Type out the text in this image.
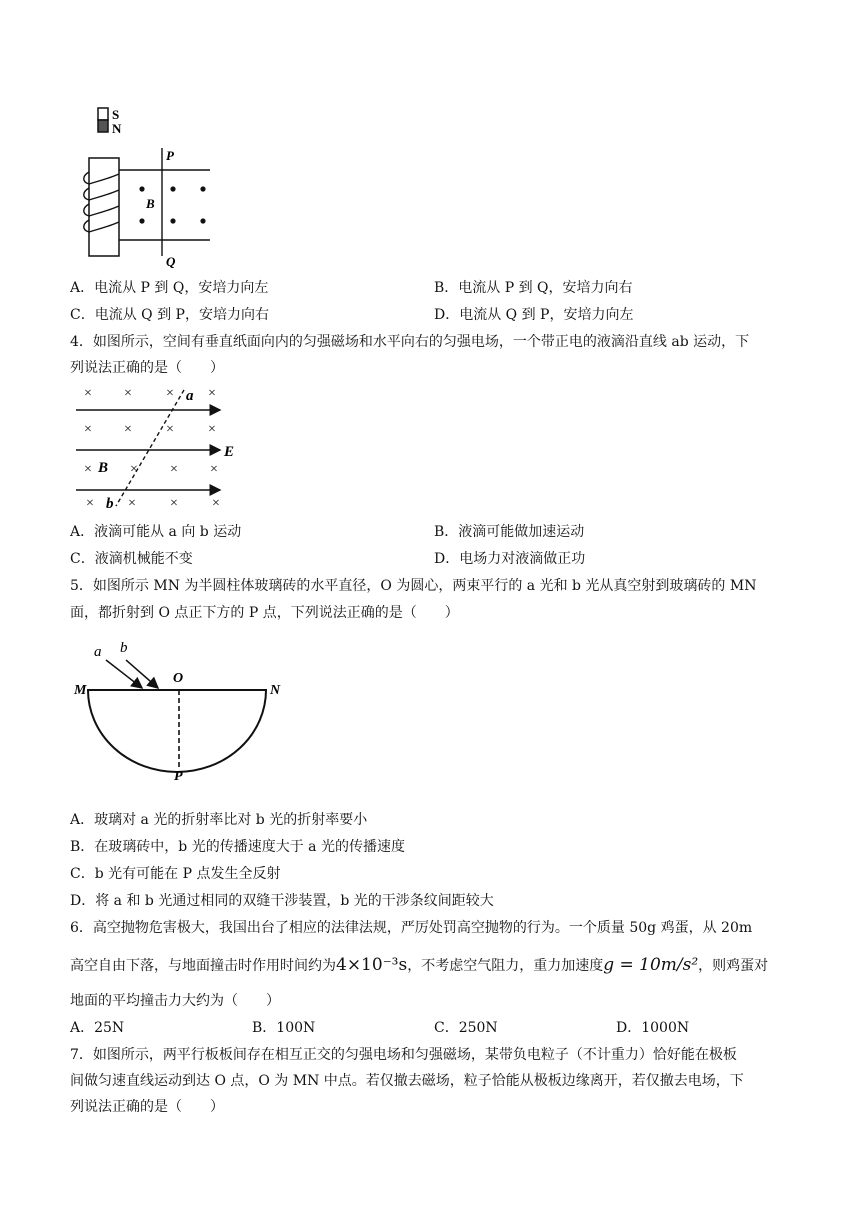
S
N
P
Q
B
A．电流从 P 到 Q，安培力向左	B．电流从 P 到 Q，安培力向右
C．电流从 Q 到 P，安培力向右	D．电流从 Q 到 P，安培力向左
4．如图所示，空间有垂直纸面向内的匀强磁场和水平向右的匀强电场，一个带正电的液滴沿直线 ab 运动，下
列说法正确的是（　　）
× × × ×
× × × ×
×	× × ×
× × × ×
a
b
B
E
A．液滴可能从 a 向 b 运动	B．液滴可能做加速运动
C．液滴机械能不变	D．电场力对液滴做正功
5．如图所示 MN 为半圆柱体玻璃砖的水平直径，O 为圆心，两束平行的 a 光和 b 光从真空射到玻璃砖的 MN
面，都折射到 O 点正下方的 P 点，下列说法正确的是（　　）
a b
M
O
N
P
A．玻璃对 a 光的折射率比对 b 光的折射率要小
B．在玻璃砖中，b 光的传播速度大于 a 光的传播速度
C．b 光有可能在 P 点发生全反射
D．将 a 和 b 光通过相同的双缝干涉装置，b 光的干涉条纹间距较大
6．高空抛物危害极大，我国出台了相应的法律法规，严厉处罚高空抛物的行为。一个质量 50g 鸡蛋，从 20m
高空自由下落，与地面撞击时作用时间约为4×10⁻³s，不考虑空气阻力，重力加速度g = 10m/s²，则鸡蛋对
地面的平均撞击力大约为（　　）
A．25N	B．100N	C．250N	D．1000N
7．如图所示，两平行板板间存在相互正交的匀强电场和匀强磁场，某带负电粒子（不计重力）恰好能在极板
间做匀速直线运动到达 O 点，O 为 MN 中点。若仅撤去磁场，粒子恰能从极板边缘离开，若仅撤去电场，下
列说法正确的是（　　）
